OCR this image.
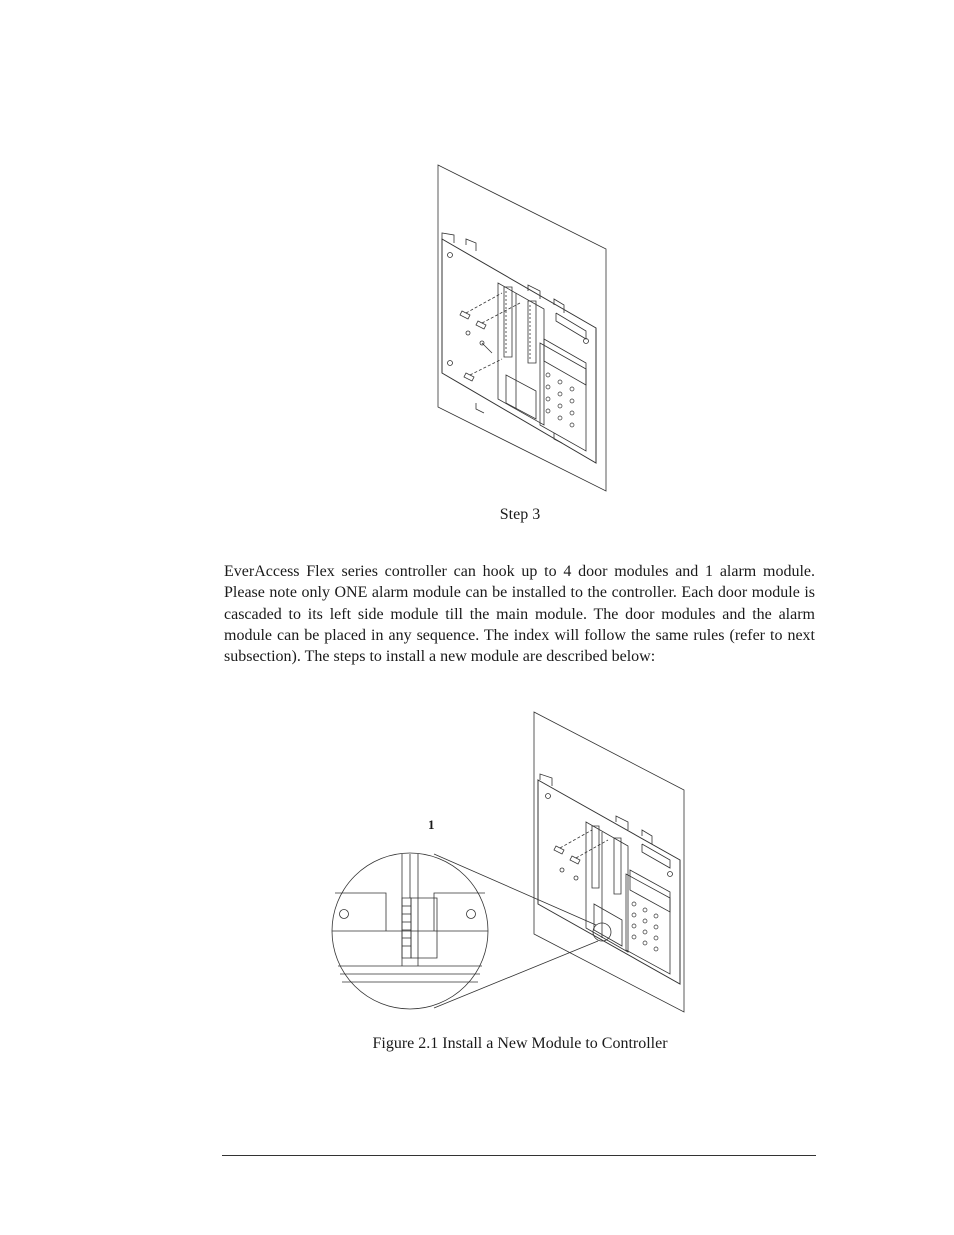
Step 3
EverAccess Flex series controller can hook up to 4 door modules and 1 alarm module. Please note only ONE alarm module can be installed to the controller. Each door module is cascaded to its left side module till the main module. The door modules and the alarm module can be placed in any sequence. The index will follow the same rules (refer to next subsection). The steps to install a new module are described below:
1
Figure 2.1 Install a New Module to Controller
